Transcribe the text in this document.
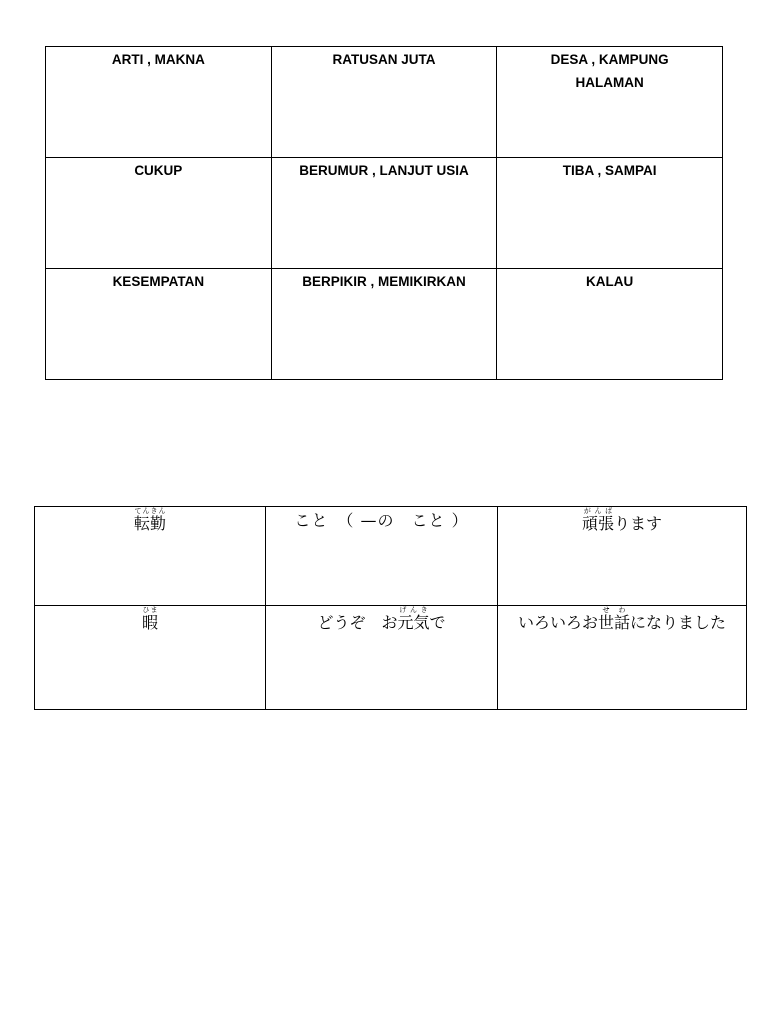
ARTI , MAKNA	RATUSAN JUTA	DESA , KAMPUNG
HALAMAN
CUKUP	BERUMUR , LANJUT USIA	TIBA , SAMPAI
KESEMPATAN	BERPIKIR , MEMIKIRKAN	KALAU
転勤てんきん	こと　（ —の　こと ）	頑張がんばります
暇ひま	どうぞ　お元気げんきで	いろいろお世話せわになりました
